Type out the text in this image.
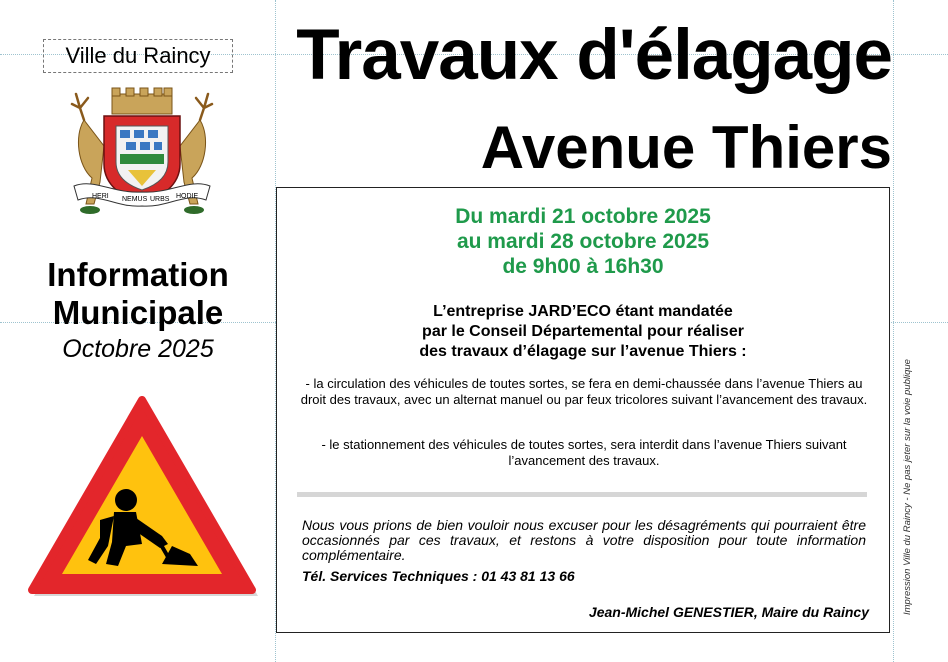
Ville du Raincy
HERI NEMUS URBS HODIE
Information
Municipale
Octobre 2025
Travaux d'élagage
Avenue Thiers
Du mardi 21 octobre 2025
au mardi 28 octobre 2025
de 9h00 à 16h30
L’entreprise JARD’ECO étant mandatée
par le Conseil Départemental pour réaliser
des travaux d’élagage sur l’avenue Thiers :
- la circulation des véhicules de toutes sortes, se fera en demi-chaussée dans l’avenue Thiers au droit des travaux, avec un alternat manuel ou par feux tricolores suivant l’avancement des travaux.
- le stationnement des véhicules de toutes sortes, sera interdit dans l’avenue Thiers suivant l’avancement des travaux.
Nous vous prions de bien vouloir nous excuser pour les désagréments qui pourraient être occasionnés par ces travaux, et restons à votre disposition pour toute information complémentaire.
Tél. Services Techniques : 01 43 81 13 66
Jean-Michel GENESTIER, Maire du Raincy	Impression Ville du Raincy - Ne pas jeter sur la voie publique
